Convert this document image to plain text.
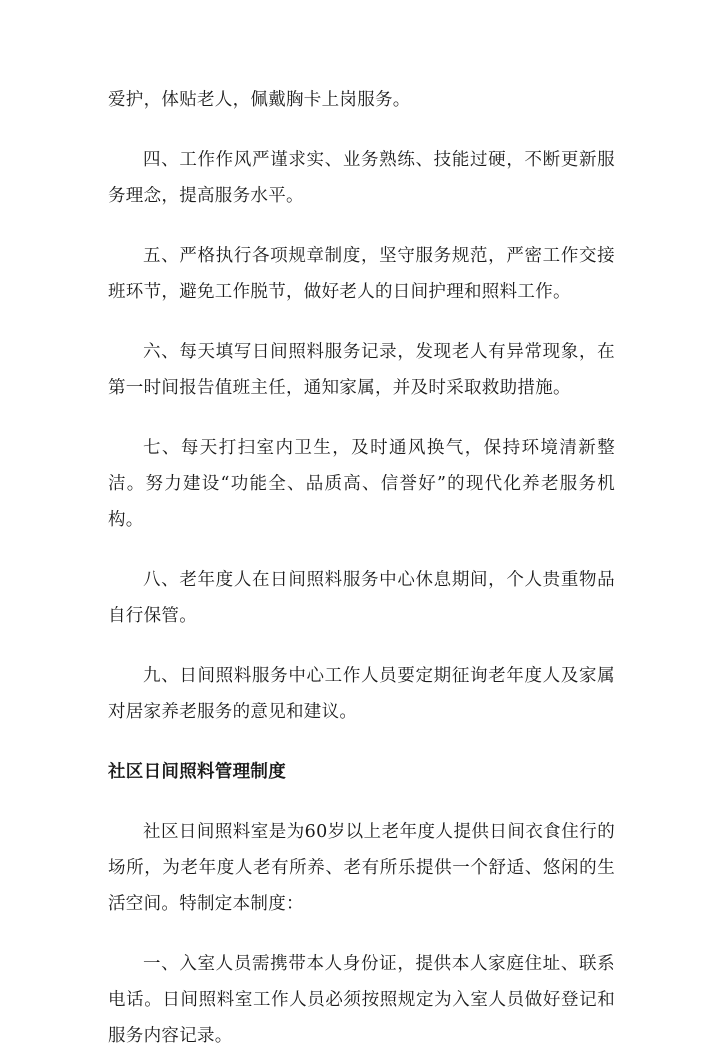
爱护，体贴老人，佩戴胸卡上岗服务。

四、工作作风严谨求实、业务熟练、技能过硬，不断更新服务理念，提高服务水平。

五、严格执行各项规章制度，坚守服务规范，严密工作交接班环节，避免工作脱节，做好老人的日间护理和照料工作。

六、每天填写日间照料服务记录，发现老人有异常现象，在第一时间报告值班主任，通知家属，并及时采取救助措施。

七、每天打扫室内卫生，及时通风换气，保持环境清新整洁。努力建设“功能全、品质高、信誉好”的现代化养老服务机构。

八、老年度人在日间照料服务中心休息期间，个人贵重物品自行保管。

九、日间照料服务中心工作人员要定期征询老年度人及家属对居家养老服务的意见和建议。

社区日间照料管理制度

社区日间照料室是为60岁以上老年度人提供日间衣食住行的场所，为老年度人老有所养、老有所乐提供一个舒适、悠闲的生活空间。特制定本制度：

一、入室人员需携带本人身份证，提供本人家庭住址、联系电话。日间照料室工作人员必须按照规定为入室人员做好登记和服务内容记录。
